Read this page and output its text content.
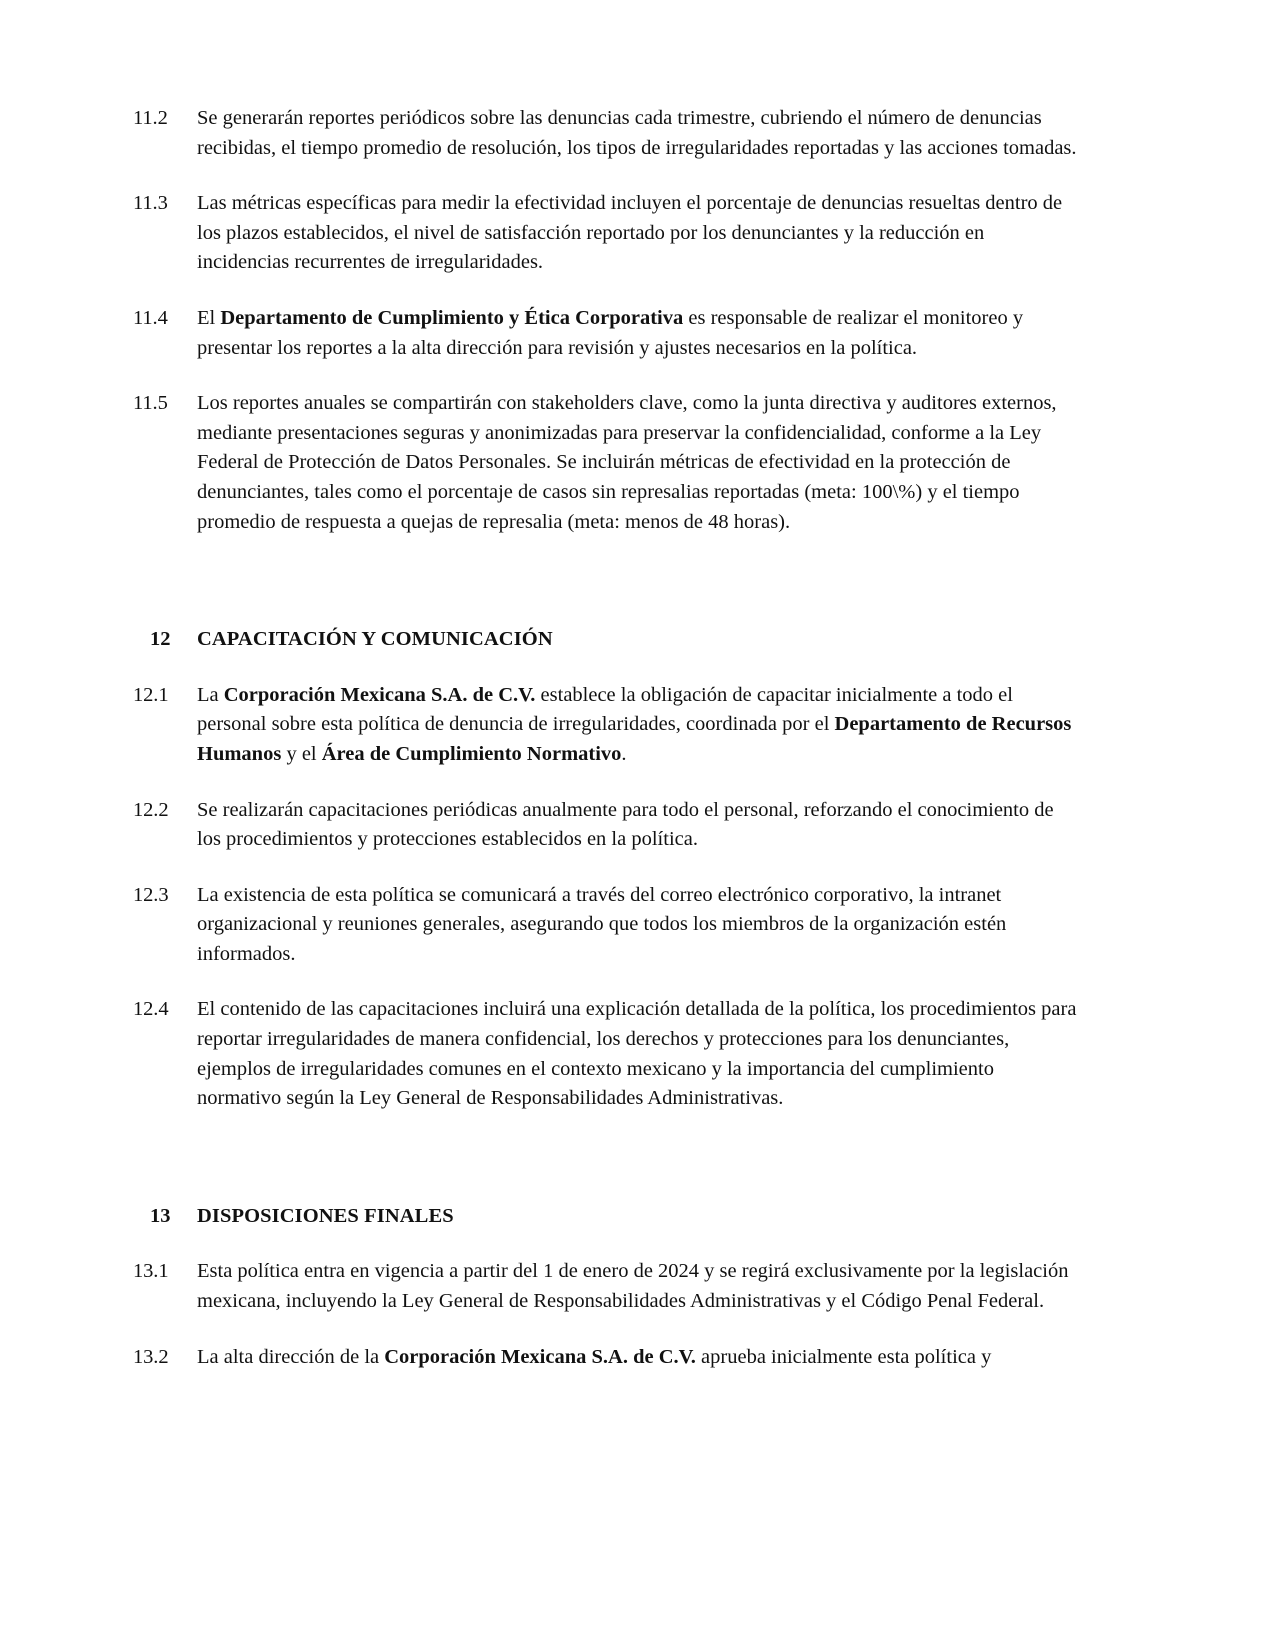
11.2	Se generarán reportes periódicos sobre las denuncias cada trimestre, cubriendo el número de denuncias recibidas, el tiempo promedio de resolución, los tipos de irregularidades reportadas y las acciones tomadas.
11.3	Las métricas específicas para medir la efectividad incluyen el porcentaje de denuncias resueltas dentro de los plazos establecidos, el nivel de satisfacción reportado por los denunciantes y la reducción en incidencias recurrentes de irregularidades.
11.4	El Departamento de Cumplimiento y Ética Corporativa es responsable de realizar el monitoreo y presentar los reportes a la alta dirección para revisión y ajustes necesarios en la política.
11.5	Los reportes anuales se compartirán con stakeholders clave, como la junta directiva y auditores externos, mediante presentaciones seguras y anonimizadas para preservar la confidencialidad, conforme a la Ley Federal de Protección de Datos Personales. Se incluirán métricas de efectividad en la protección de denunciantes, tales como el porcentaje de casos sin represalias reportadas (meta: 100\%) y el tiempo promedio de respuesta a quejas de represalia (meta: menos de 48 horas).
12	CAPACITACIÓN Y COMUNICACIÓN
12.1	La Corporación Mexicana S.A. de C.V. establece la obligación de capacitar inicialmente a todo el personal sobre esta política de denuncia de irregularidades, coordinada por el Departamento de Recursos Humanos y el Área de Cumplimiento Normativo.
12.2	Se realizarán capacitaciones periódicas anualmente para todo el personal, reforzando el conocimiento de los procedimientos y protecciones establecidos en la política.
12.3	La existencia de esta política se comunicará a través del correo electrónico corporativo, la intranet organizacional y reuniones generales, asegurando que todos los miembros de la organización estén informados.
12.4	El contenido de las capacitaciones incluirá una explicación detallada de la política, los procedimientos para reportar irregularidades de manera confidencial, los derechos y protecciones para los denunciantes, ejemplos de irregularidades comunes en el contexto mexicano y la importancia del cumplimiento normativo según la Ley General de Responsabilidades Administrativas.
13	DISPOSICIONES FINALES
13.1	Esta política entra en vigencia a partir del 1 de enero de 2024 y se regirá exclusivamente por la legislación mexicana, incluyendo la Ley General de Responsabilidades Administrativas y el Código Penal Federal.
13.2	La alta dirección de la Corporación Mexicana S.A. de C.V. aprueba inicialmente esta política y
